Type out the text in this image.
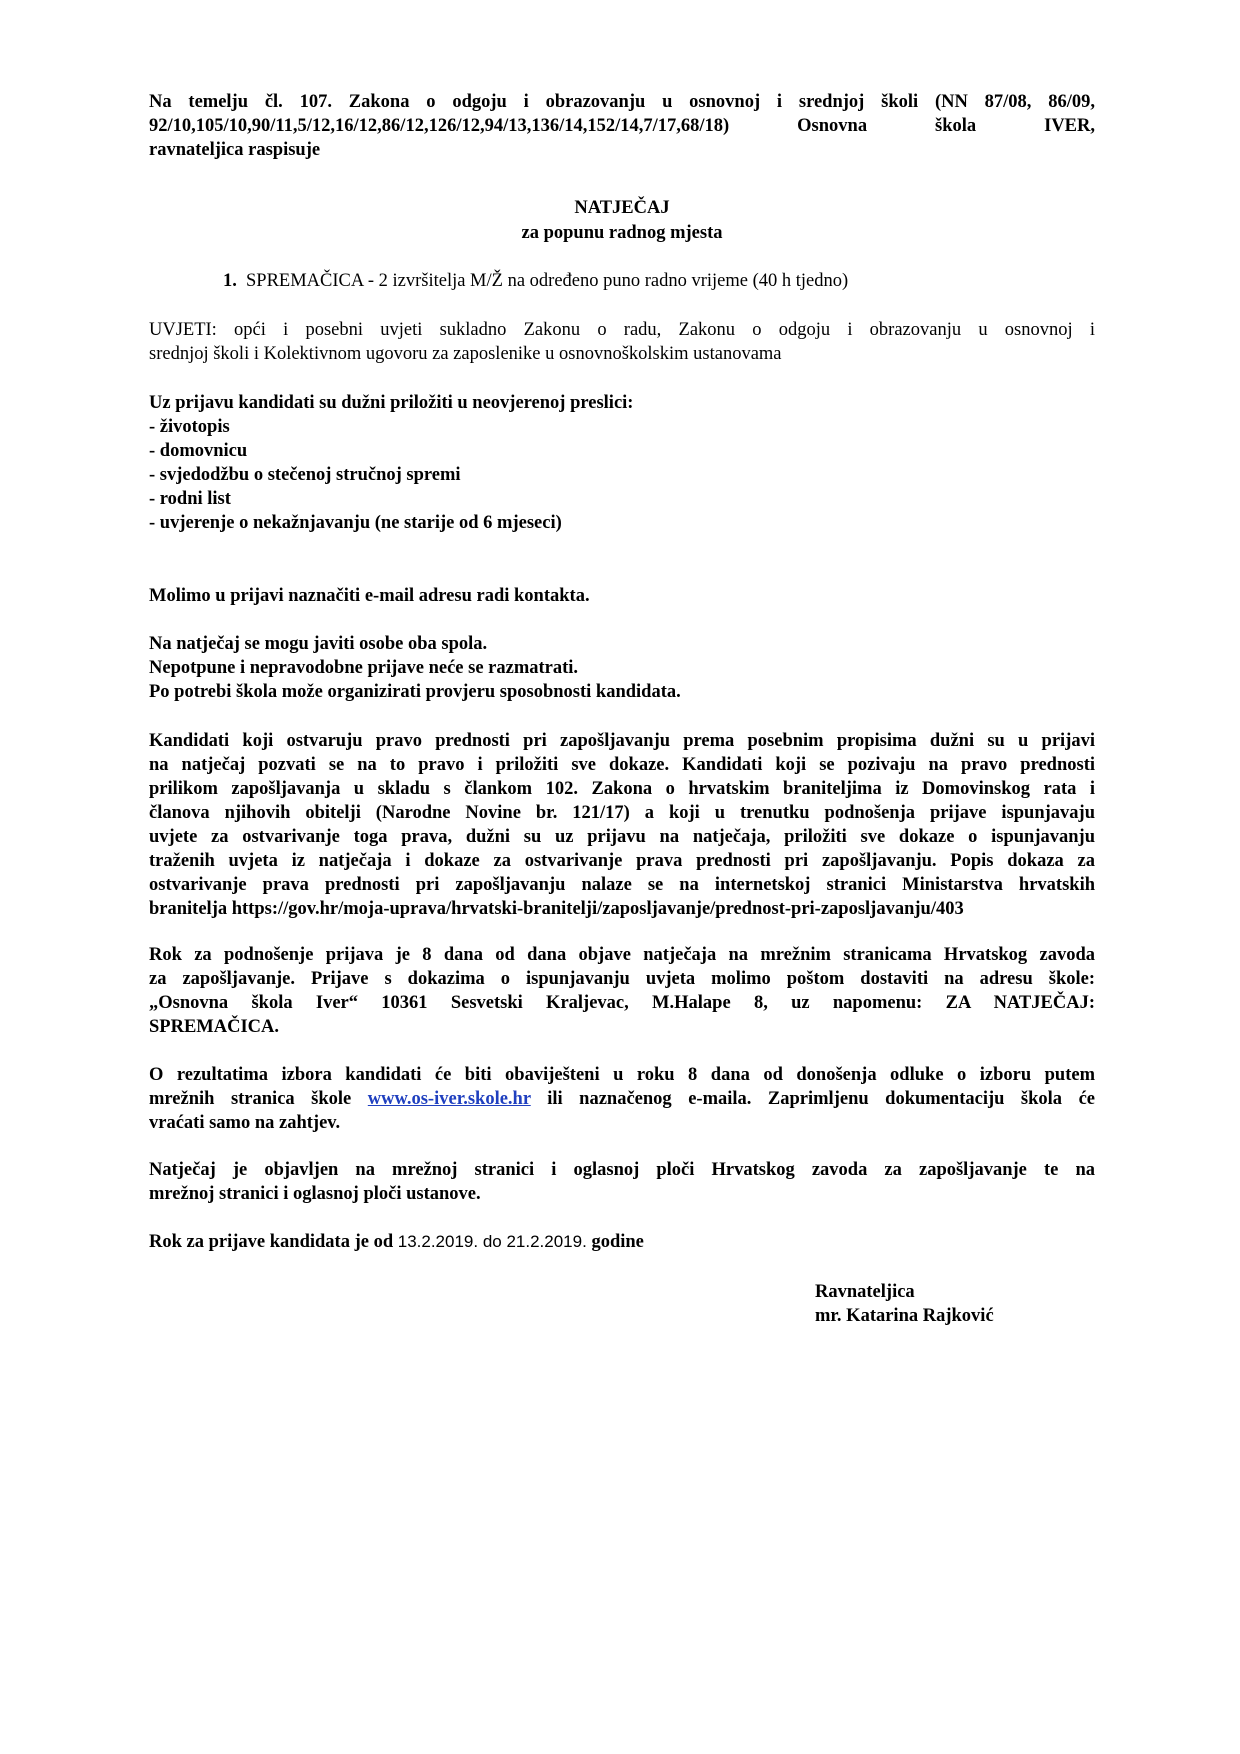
Na temelju čl. 107. Zakona o odgoju i obrazovanju u osnovnoj i srednjoj školi (NN 87/08, 86/09,
92/10,105/10,90/11,5/12,16/12,86/12,126/12,94/13,136/14,152/14,7/17,68/18) Osnovna škola IVER,
ravnateljica raspisuje
NATJEČAJ
za popunu radnog mjesta
1. SPREMAČICA - 2 izvršitelja M/Ž na određeno puno radno vrijeme (40 h tjedno)
UVJETI: opći i posebni uvjeti sukladno Zakonu o radu, Zakonu o odgoju i obrazovanju u osnovnoj i
srednjoj školi i Kolektivnom ugovoru za zaposlenike u osnovnoškolskim ustanovama
Uz prijavu kandidati su dužni priložiti u neovjerenoj preslici:
- životopis
- domovnicu
- svjedodžbu o stečenoj stručnoj spremi
- rodni list
- uvjerenje o nekažnjavanju (ne starije od 6 mjeseci)
Molimo u prijavi naznačiti e-mail adresu radi kontakta.
Na natječaj se mogu javiti osobe oba spola.
Nepotpune i nepravodobne prijave neće se razmatrati.
Po potrebi škola može organizirati provjeru sposobnosti kandidata.
Kandidati koji ostvaruju pravo prednosti pri zapošljavanju prema posebnim propisima dužni su u prijavi
na natječaj pozvati se na to pravo i priložiti sve dokaze. Kandidati koji se pozivaju na pravo prednosti
prilikom zapošljavanja u skladu s člankom 102. Zakona o hrvatskim braniteljima iz Domovinskog rata i
članova njihovih obitelji (Narodne Novine br. 121/17) a koji u trenutku podnošenja prijave ispunjavaju
uvjete za ostvarivanje toga prava, dužni su uz prijavu na natječaja, priložiti sve dokaze o ispunjavanju
traženih uvjeta iz natječaja i dokaze za ostvarivanje prava prednosti pri zapošljavanju. Popis dokaza za
ostvarivanje prava prednosti pri zapošljavanju nalaze se na internetskoj stranici Ministarstva hrvatskih
branitelja https://gov.hr/moja-uprava/hrvatski-branitelji/zaposljavanje/prednost-pri-zaposljavanju/403
Rok za podnošenje prijava je 8 dana od dana objave natječaja na mrežnim stranicama Hrvatskog zavoda
za zapošljavanje. Prijave s dokazima o ispunjavanju uvjeta molimo poštom dostaviti na adresu škole:
„Osnovna škola Iver“ 10361 Sesvetski Kraljevac, M.Halape 8, uz napomenu: ZA NATJEČAJ:
SPREMAČICA.
O rezultatima izbora kandidati će biti obaviješteni u roku 8 dana od donošenja odluke o izboru putem
mrežnih stranica škole www.os-iver.skole.hr ili naznačenog e-maila. Zaprimljenu dokumentaciju škola će
vraćati samo na zahtjev.
Natječaj je objavljen na mrežnoj stranici i oglasnoj ploči Hrvatskog zavoda za zapošljavanje te na
mrežnoj stranici i oglasnoj ploči ustanove.
Rok za prijave kandidata je od 13.2.2019. do 21.2.2019. godine
Ravnateljica
mr. Katarina Rajković
